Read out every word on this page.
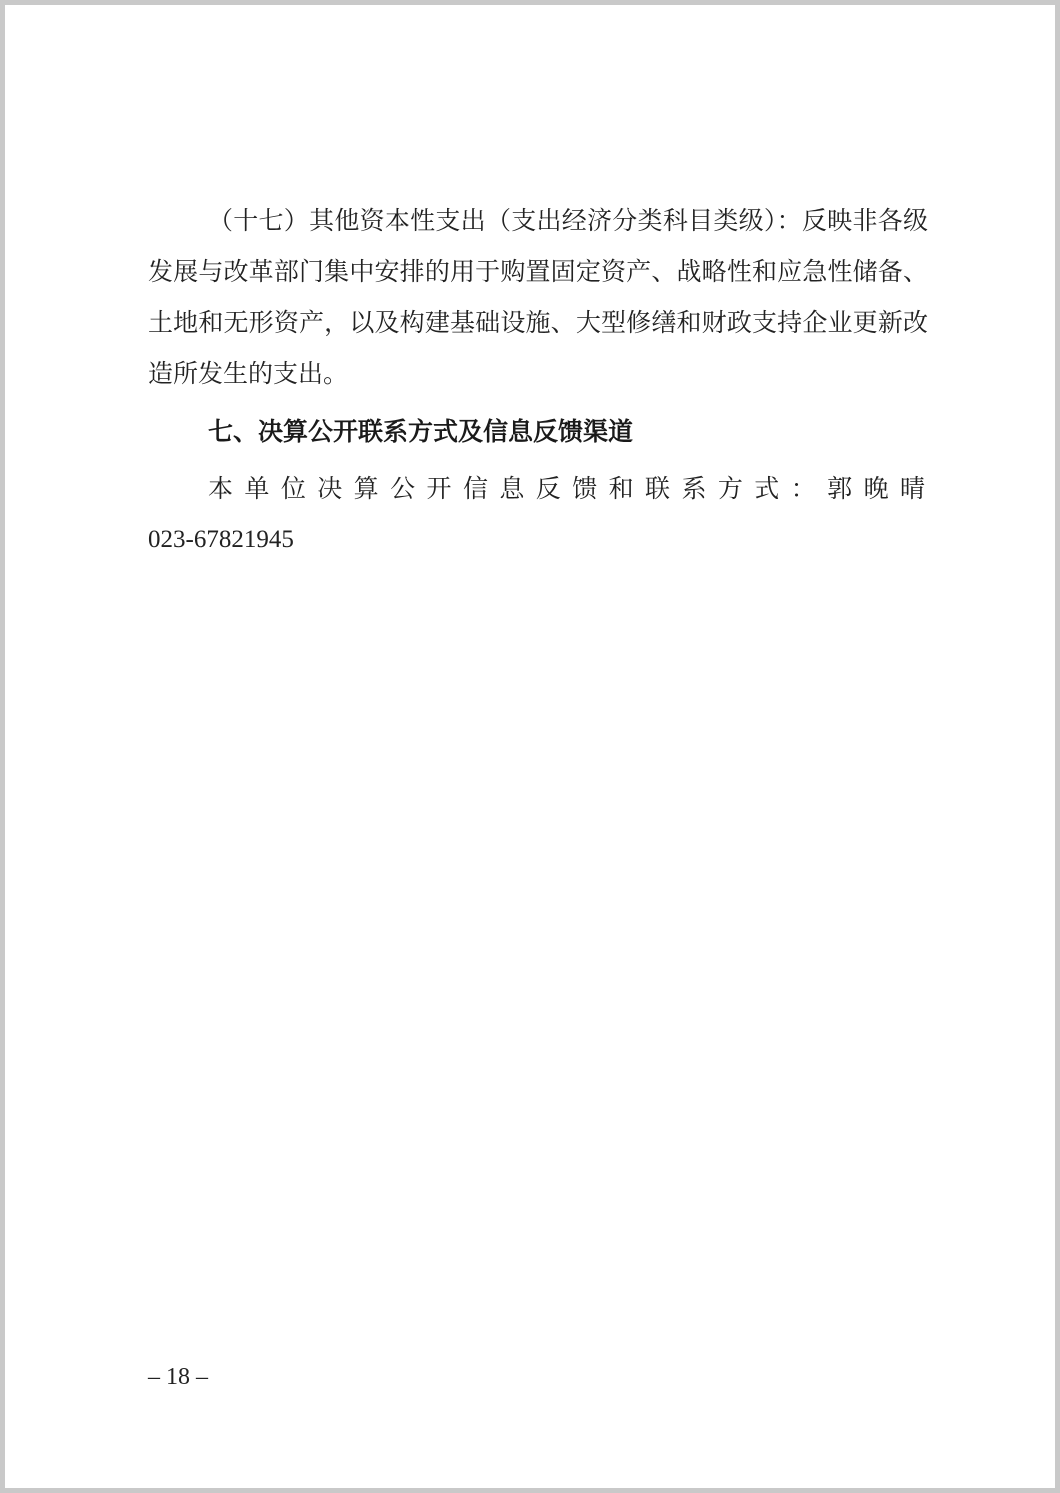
（十七）其他资本性支出（支出经济分类科目类级）：反映非各级发展与改革部门集中安排的用于购置固定资产、战略性和应急性储备、土地和无形资产，以及构建基础设施、大型修缮和财政支持企业更新改造所发生的支出。

七、决算公开联系方式及信息反馈渠道

本单位决算公开信息反馈和联系方式：郭晚晴
023-67821945

– 18 –
